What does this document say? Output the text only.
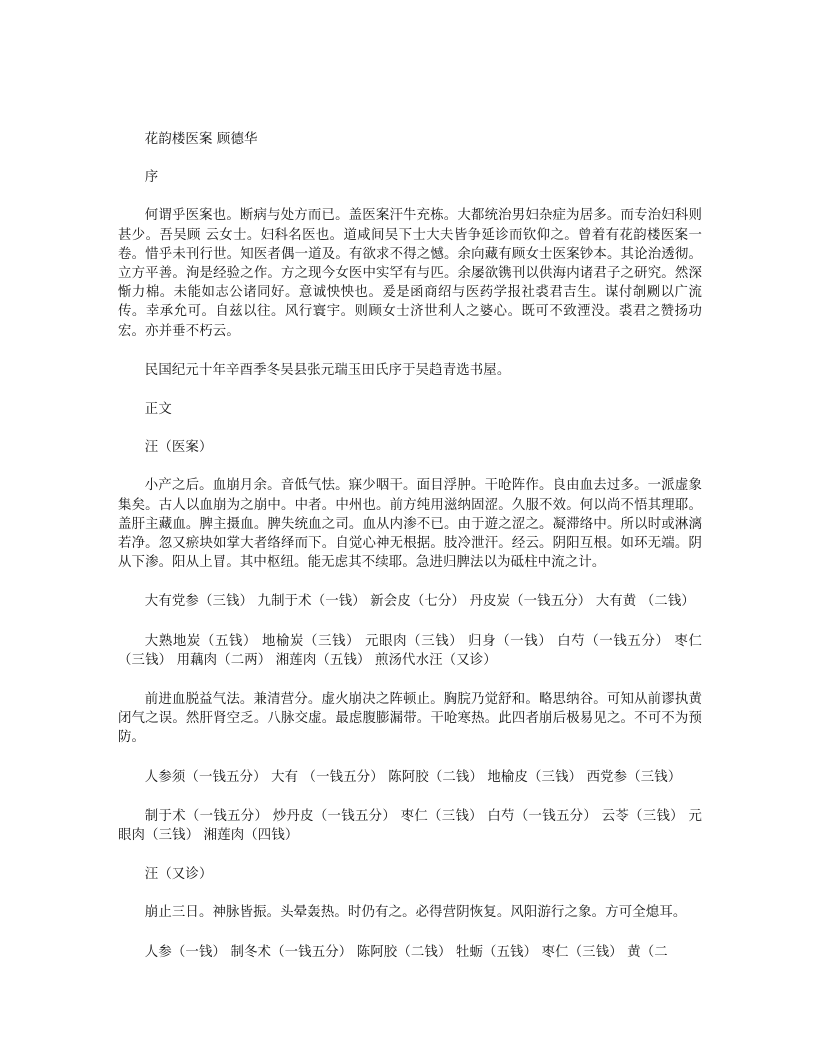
花韵楼医案 顾德华

序

何谓乎医案也。断病与处方而已。盖医案汗牛充栋。大都统治男妇杂症为居多。而专治妇科则甚少。吾吴顾 云女士。妇科名医也。道咸间吴下士大夫皆争延诊而钦仰之。曾着有花韵楼医案一卷。惜乎未刊行世。知医者偶一道及。有欲求不得之憾。余向藏有顾女士医案钞本。其论治透彻。立方平善。洵是经验之作。方之现今女医中实罕有与匹。余屡欲镌刊以供海内诸君子之研究。然深惭力棉。未能如志公诸同好。意诚怏怏也。爰是函商绍与医药学报社裘君吉生。谋付剞劂以广流传。幸承允可。自兹以往。风行寰宇。则顾女士济世利人之婆心。既可不致湮没。裘君之赞扬功宏。亦并垂不朽云。

民国纪元十年辛酉季冬吴县张元瑞玉田氏序于吴趋青选书屋。

正文

汪（医案）

小产之后。血崩月余。音低气怯。寐少咽干。面目浮肿。干呛阵作。良由血去过多。一派虚象集矣。古人以血崩为之崩中。中者。中州也。前方纯用滋纳固涩。久服不效。何以尚不悟其理耶。盖肝主藏血。脾主摄血。脾失统血之司。血从内渗不已。由于遊之涩之。凝滞络中。所以时或淋漓若净。忽又瘀块如掌大者络绎而下。自觉心神无根据。肢冷泄汗。经云。阴阳互根。如环无端。阴从下渗。阳从上冒。其中枢纽。能无虑其不续耶。急进归脾法以为砥柱中流之计。

大有党参（三钱） 九制于术（一钱） 新会皮（七分） 丹皮炭（一钱五分） 大有黄 （二钱）

大熟地炭（五钱） 地榆炭（三钱） 元眼肉（三钱） 归身（一钱） 白芍（一钱五分） 枣仁（三钱） 用藕肉（二两） 湘莲肉（五钱） 煎汤代水汪（又诊）

前进血脱益气法。兼清营分。虚火崩决之阵顿止。胸脘乃觉舒和。略思纳谷。可知从前谬执黄闭气之误。然肝肾空乏。八脉交虚。最虑腹膨漏带。干呛寒热。此四者崩后极易见之。不可不为预防。

人参须（一钱五分） 大有 （一钱五分） 陈阿胶（二钱） 地榆皮（三钱） 西党参（三钱）

制于术（一钱五分） 炒丹皮（一钱五分） 枣仁（三钱） 白芍（一钱五分） 云苓（三钱） 元眼肉（三钱） 湘莲肉（四钱）

汪（又诊）

崩止三日。神脉皆振。头晕轰热。时仍有之。必得营阴恢复。风阳游行之象。方可全熄耳。

人参（一钱） 制冬术（一钱五分） 陈阿胶（二钱） 牡蛎（五钱） 枣仁（三钱） 黄（二
